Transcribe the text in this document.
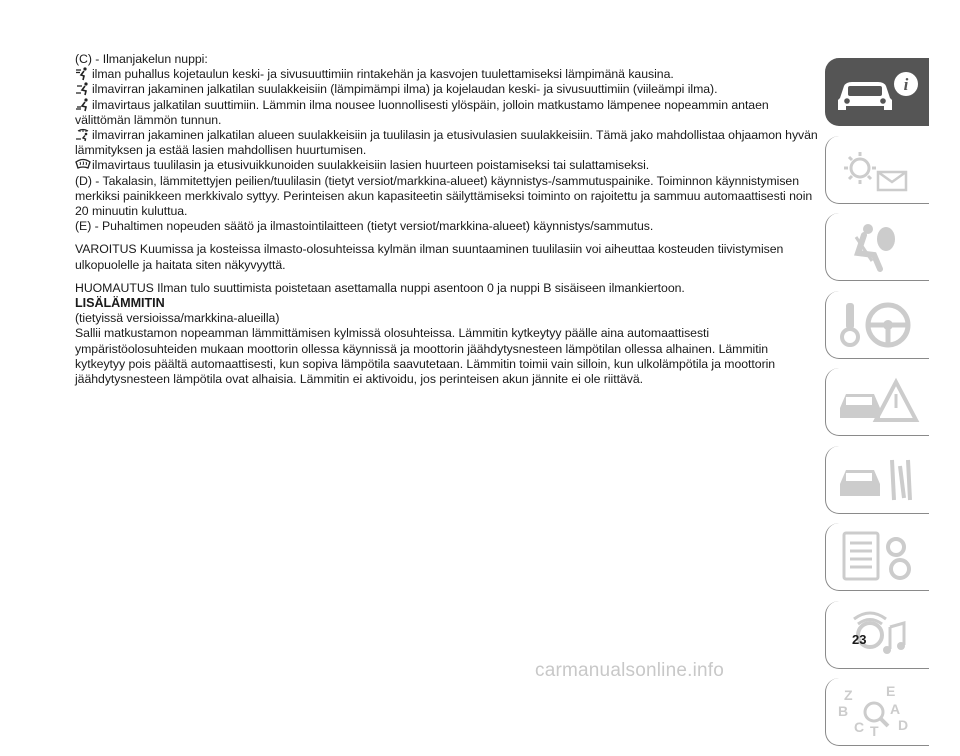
(C) - Ilmanjakelun nuppi:

ilman puhallus kojetaulun keski- ja sivusuuttimiin rintakehän ja kasvojen tuulettamiseksi lämpimänä kausina.

ilmavirran jakaminen jalkatilan suulakkeisiin (lämpimämpi ilma) ja kojelaudan keski- ja sivusuuttimiin (viileämpi ilma).

ilmavirtaus jalkatilan suuttimiin. Lämmin ilma nousee luonnollisesti ylöspäin, jolloin matkustamo lämpenee nopeammin antaen välittömän lämmön tunnun.

ilmavirran jakaminen jalkatilan alueen suulakkeisiin ja tuulilasin ja etusivulasien suulakkeisiin. Tämä jako mahdollistaa ohjaamon hyvän lämmityksen ja estää lasien mahdollisen huurtumisen.

ilmavirtaus tuulilasin ja etusivuikkunoiden suulakkeisiin lasien huurteen poistamiseksi tai sulattamiseksi.

(D) - Takalasin, lämmitettyjen peilien/tuulilasin (tietyt versiot/markkina-alueet) käynnistys-/sammutuspainike. Toiminnon käynnistymisen merkiksi painikkeen merkkivalo syttyy. Perinteisen akun kapasiteetin säilyttämiseksi toiminto on rajoitettu ja sammuu automaattisesti noin 20 minuutin kuluttua.

(E) - Puhaltimen nopeuden säätö ja ilmastointilaitteen (tietyt versiot/markkina-alueet) käynnistys/sammutus.

VAROITUS Kuumissa ja kosteissa ilmasto-olosuhteissa kylmän ilman suuntaaminen tuulilasiin voi aiheuttaa kosteuden tiivistymisen ulkopuolelle ja haitata siten näkyvyyttä.

HUOMAUTUS Ilman tulo suuttimista poistetaan asettamalla nuppi asentoon 0 ja nuppi B sisäiseen ilmankiertoon.

LISÄLÄMMITIN

(tietyissä versioissa/markkina-alueilla)

Sallii matkustamon nopeamman lämmittämisen kylmissä olosuhteissa. Lämmitin kytkeytyy päälle aina automaattisesti ympäristöolosuhteiden mukaan moottorin ollessa käynnissä ja moottorin jäähdytysnesteen lämpötilan ollessa alhainen. Lämmitin kytkeytyy pois päältä automaattisesti, kun sopiva lämpötila saavutetaan. Lämmitin toimii vain silloin, kun ulkolämpötila ja moottorin jäähdytysnesteen lämpötila ovat alhaisia. Lämmitin ei aktivoidu, jos perinteisen akun jännite ei ole riittävä.

i
Z E
B	A
C D
T
23
carmanualsonline.info
